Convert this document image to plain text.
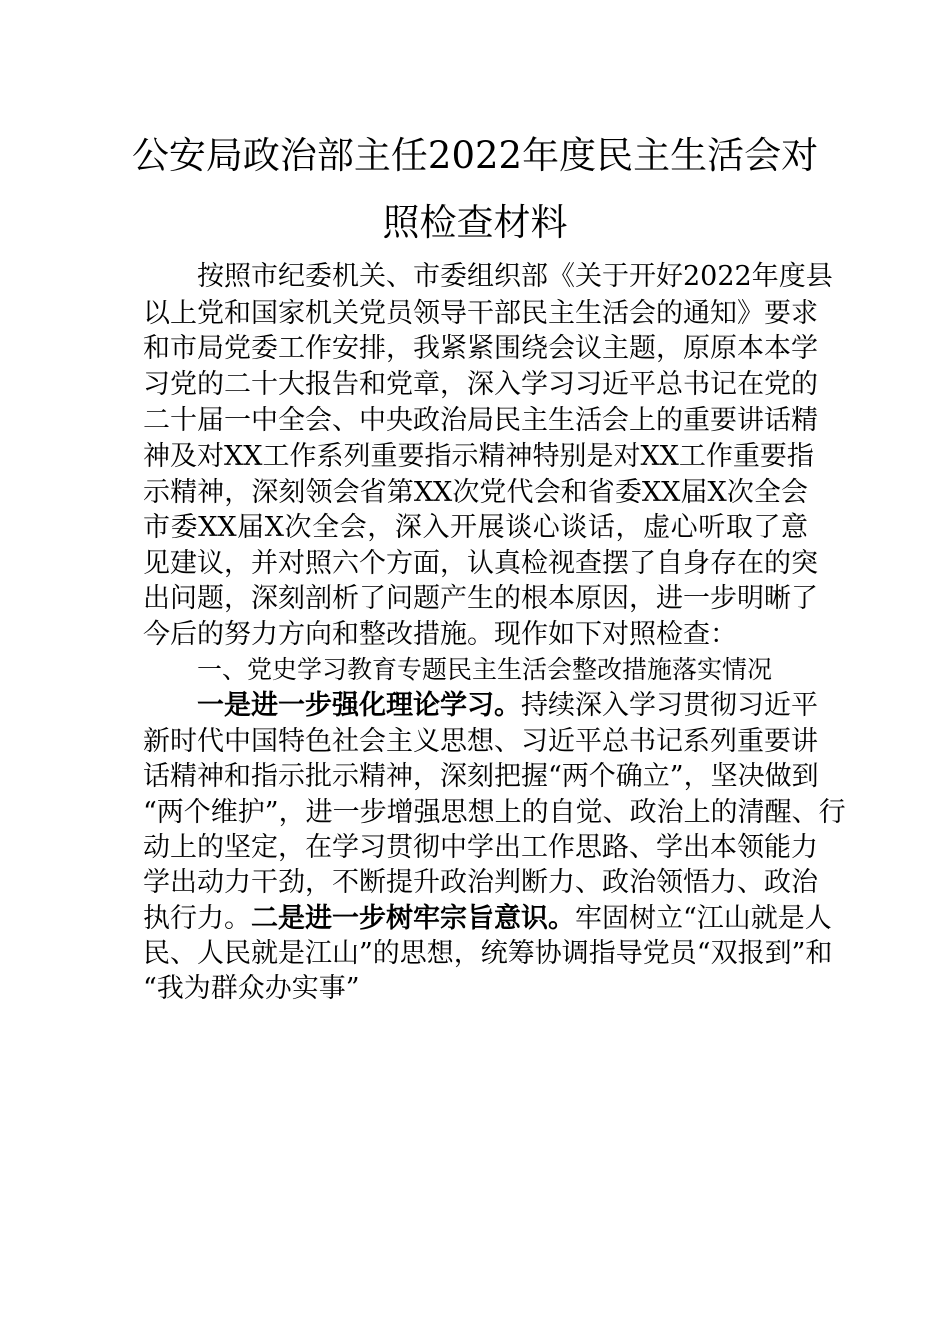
公安局政治部主任2022年度民主生活会对
照检查材料
按照市纪委机关、市委组织部《关于开好2022年度县
以上党和国家机关党员领导干部民主生活会的通知》要求
和市局党委工作安排，我紧紧围绕会议主题，原原本本学
习党的二十大报告和党章，深入学习习近平总书记在党的
二十届一中全会、中央政治局民主生活会上的重要讲话精
神及对XX工作系列重要指示精神特别是对XX工作重要指
示精神，深刻领会省第XX次党代会和省委XX届X次全会
市委XX届X次全会，深入开展谈心谈话，虚心听取了意
见建议，并对照六个方面，认真检视查摆了自身存在的突
出问题，深刻剖析了问题产生的根本原因，进一步明晰了
今后的努力方向和整改措施。现作如下对照检查：
一、党史学习教育专题民主生活会整改措施落实情况
一是进一步强化理论学习。持续深入学习贯彻习近平
新时代中国特色社会主义思想、习近平总书记系列重要讲
话精神和指示批示精神，深刻把握“两个确立”，坚决做到
“两个维护”，进一步增强思想上的自觉、政治上的清醒、行
动上的坚定，在学习贯彻中学出工作思路、学出本领能力
学出动力干劲，不断提升政治判断力、政治领悟力、政治
执行力。二是进一步树牢宗旨意识。牢固树立“江山就是人
民、人民就是江山”的思想，统筹协调指导党员“双报到”和
“我为群众办实事”
